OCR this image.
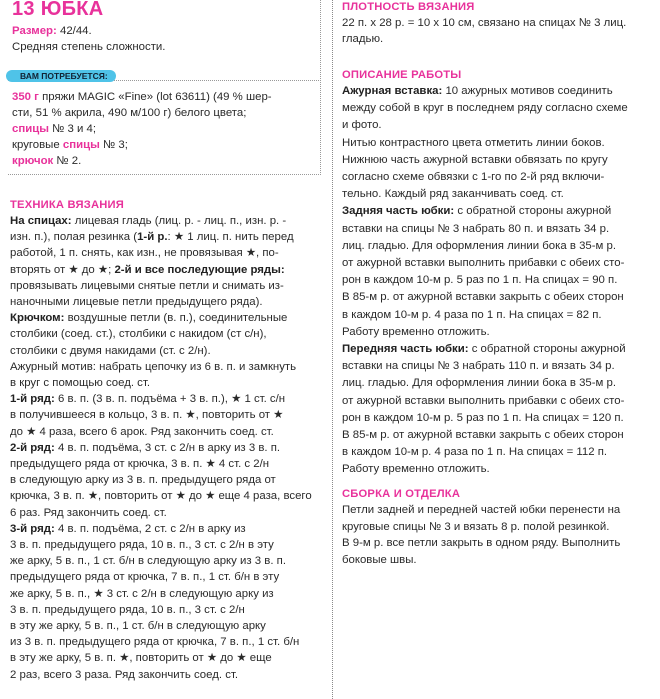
13 ЮБКА
Размер: 42/44.
Средняя степень сложности.
ВАМ ПОТРЕБУЕТСЯ:
350 г пряжи MAGIC «Fine» (lot 63611) (49 % шер-
сти, 51 % акрила, 490 м/100 г) белого цвета;
спицы № 3 и 4;
круговые спицы № 3;
крючок № 2.
ТЕХНИКА ВЯЗАНИЯ
На спицах: лицевая гладь (лиц. р. - лиц. п., изн. р. -
изн. п.), полая резинка (1-й р.: ★ 1 лиц. п. нить перед
работой, 1 п. снять, как изн., не провязывая ★, по-
вторять от ★ до ★; 2-й и все последующие ряды:
провязывать лицевыми снятые петли и снимать из-
наночными лицевые петли предыдущего ряда).
Крючком: воздушные петли (в. п.), соединительные
столбики (соед. ст.), столбики с накидом (ст с/н),
столбики с двумя накидами (ст. с 2/н).
Ажурный мотив: набрать цепочку из 6 в. п. и замкнуть
в круг с помощью соед. ст.
1-й ряд: 6 в. п. (3 в. п. подъёма + 3 в. п.), ★ 1 ст. с/н
в получившееся в кольцо, 3 в. п. ★, повторить от ★
до ★ 4 раза, всего 6 арок. Ряд закончить соед. ст.
2-й ряд: 4 в. п. подъёма, 3 ст. с 2/н в арку из 3 в. п.
предыдущего ряда от крючка, 3 в. п. ★ 4 ст. с 2/н
в следующую арку из 3 в. п. предыдущего ряда от
крючка, 3 в. п. ★, повторить от ★ до ★ еще 4 раза, всего
6 раз. Ряд закончить соед. ст.
3-й ряд: 4 в. п. подъёма, 2 ст. с 2/н в арку из
3 в. п. предыдущего ряда, 10 в. п., 3 ст. с 2/н в эту
же арку, 5 в. п., 1 ст. б/н в следующую арку из 3 в. п.
предыдущего ряда от крючка, 7 в. п., 1 ст. б/н в эту
же арку, 5 в. п., ★ 3 ст. с 2/н в следующую арку из
3 в. п. предыдущего ряда, 10 в. п., 3 ст. с 2/н
в эту же арку, 5 в. п., 1 ст. б/н в следующую арку
из 3 в. п. предыдущего ряда от крючка, 7 в. п., 1 ст. б/н
в эту же арку, 5 в. п. ★, повторить от ★ до ★ еще
2 раз, всего 3 раза. Ряд закончить соед. ст.
ПЛОТНОСТЬ ВЯЗАНИЯ
22 п. х 28 р. = 10 х 10 см, связано на спицах № 3 лиц.
гладью.
ОПИСАНИЕ РАБОТЫ
Ажурная вставка: 10 ажурных мотивов соединить
между собой в круг в последнем ряду согласно схеме
и фото.
Нитью контрастного цвета отметить линии боков.
Нижнюю часть ажурной вставки обвязать по кругу
согласно схеме обвязки с 1-го по 2-й ряд включи-
тельно. Каждый ряд заканчивать соед. ст.
Задняя часть юбки: с обратной стороны ажурной
вставки на спицы № 3 набрать 80 п. и вязать 34 р.
лиц. гладью. Для оформления линии бока в 35-м р.
от ажурной вставки выполнить прибавки с обеих сто-
рон в каждом 10-м р. 5 раз по 1 п. На спицах = 90 п.
В 85-м р. от ажурной вставки закрыть с обеих сторон
в каждом 10-м р. 4 раза по 1 п. На спицах = 82 п.
Работу временно отложить.
Передняя часть юбки: с обратной стороны ажурной
вставки на спицы № 3 набрать 110 п. и вязать 34 р.
лиц. гладью. Для оформления линии бока в 35-м р.
от ажурной вставки выполнить прибавки с обеих сто-
рон в каждом 10-м р. 5 раз по 1 п. На спицах = 120 п.
В 85-м р. от ажурной вставки закрыть с обеих сторон
в каждом 10-м р. 4 раза по 1 п. На спицах = 112 п.
Работу временно отложить.
СБОРКА И ОТДЕЛКА
Петли задней и передней частей юбки перенести на
круговые спицы № 3 и вязать 8 р. полой резинкой.
В 9-м р. все петли закрыть в одном ряду. Выполнить
боковые швы.
